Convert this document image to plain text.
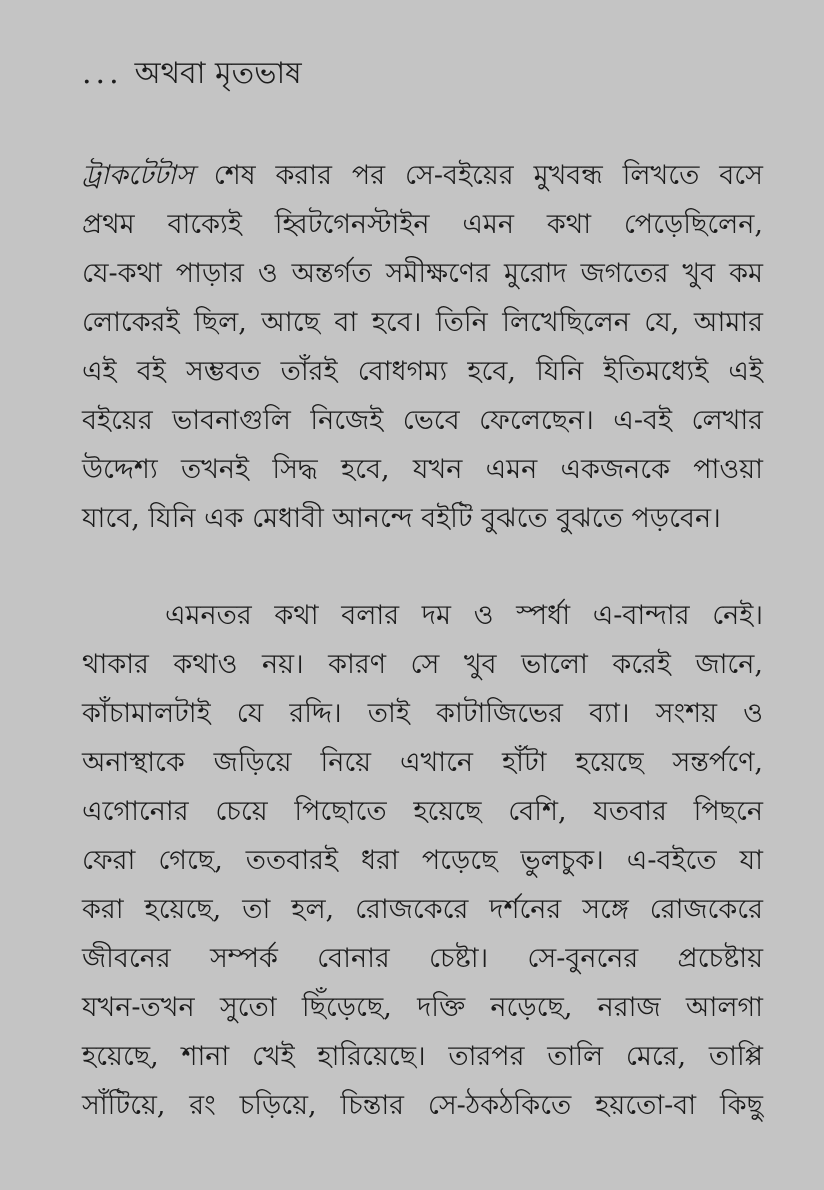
... অথবা মৃতভাষ
ট্রাকটেটাস শেষ করার পর সে-বইয়ের মুখবন্ধ লিখতে বসে
প্রথম বাক্যেই হ্বিটগেনস্টাইন এমন কথা পেড়েছিলেন,
যে-কথা পাড়ার ও অন্তর্গত সমীক্ষণের মুরোদ জগতের খুব কম
লোকেরই ছিল, আছে বা হবে। তিনি লিখেছিলেন যে, আমার
এই বই সম্ভবত তাঁরই বোধগম্য হবে, যিনি ইতিমধ্যেই এই
বইয়ের ভাবনাগুলি নিজেই ভেবে ফেলেছেন। এ-বই লেখার
উদ্দেশ্য তখনই সিদ্ধ হবে, যখন এমন একজনকে পাওয়া
যাবে, যিনি এক মেধাবী আনন্দে বইটি বুঝতে বুঝতে পড়বেন।
এমনতর কথা বলার দম ও স্পর্ধা এ-বান্দার নেই।
থাকার কথাও নয়। কারণ সে খুব ভালো করেই জানে,
কাঁচামালটাই যে রদ্দি। তাই কাটাজিভের ব্যা। সংশয় ও
অনাস্থাকে জড়িয়ে নিয়ে এখানে হাঁটা হয়েছে সন্তর্পণে,
এগোনোর চেয়ে পিছোতে হয়েছে বেশি, যতবার পিছনে
ফেরা গেছে, ততবারই ধরা পড়েছে ভুলচুক। এ-বইতে যা
করা হয়েছে, তা হল, রোজকেরে দর্শনের সঙ্গে রোজকেরে
জীবনের সম্পর্ক বোনার চেষ্টা। সে-বুননের প্রচেষ্টায়
যখন-তখন সুতো ছিঁড়েছে, দক্তি নড়েছে, নরাজ আলগা
হয়েছে, শানা খেই হারিয়েছে। তারপর তালি মেরে, তাপ্পি
সাঁটিয়ে, রং চড়িয়ে, চিন্তার সে-ঠকঠকিতে হয়তো-বা কিছু
